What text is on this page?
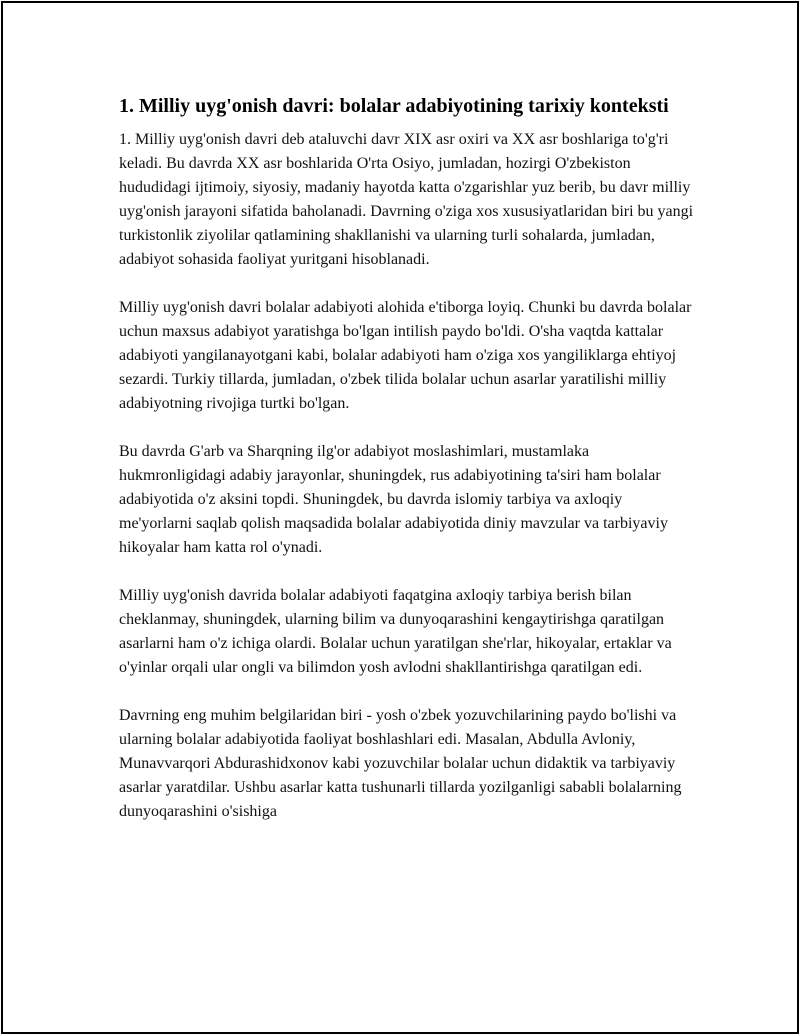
1. Milliy uyg'onish davri: bolalar adabiyotining tarixiy konteksti

1. Milliy uyg'onish davri deb ataluvchi davr XIX asr oxiri va XX asr boshlariga to'g'ri keladi. Bu davrda XX asr boshlarida O'rta Osiyo, jumladan, hozirgi O'zbekiston hududidagi ijtimoiy, siyosiy, madaniy hayotda katta o'zgarishlar yuz berib, bu davr milliy uyg'onish jarayoni sifatida baholanadi. Davrning o'ziga xos xususiyatlaridan biri bu yangi turkistonlik ziyolilar qatlamining shakllanishi va ularning turli sohalarda, jumladan, adabiyot sohasida faoliyat yuritgani hisoblanadi.

Milliy uyg'onish davri bolalar adabiyoti alohida e'tiborga loyiq. Chunki bu davrda bolalar uchun maxsus adabiyot yaratishga bo'lgan intilish paydo bo'ldi. O'sha vaqtda kattalar adabiyoti yangilanayotgani kabi, bolalar adabiyoti ham o'ziga xos yangiliklarga ehtiyoj sezardi. Turkiy tillarda, jumladan, o'zbek tilida bolalar uchun asarlar yaratilishi milliy adabiyotning rivojiga turtki bo'lgan.

Bu davrda G'arb va Sharqning ilg'or adabiyot moslashimlari, mustamlaka hukmronligidagi adabiy jarayonlar, shuningdek, rus adabiyotining ta'siri ham bolalar adabiyotida o'z aksini topdi. Shuningdek, bu davrda islomiy tarbiya va axloqiy me'yorlarni saqlab qolish maqsadida bolalar adabiyotida diniy mavzular va tarbiyaviy hikoyalar ham katta rol o'ynadi.

Milliy uyg'onish davrida bolalar adabiyoti faqatgina axloqiy tarbiya berish bilan cheklanmay, shuningdek, ularning bilim va dunyoqarashini kengaytirishga qaratilgan asarlarni ham o'z ichiga olardi. Bolalar uchun yaratilgan she'rlar, hikoyalar, ertaklar va o'yinlar orqali ular ongli va bilimdon yosh avlodni shakllantirishga qaratilgan edi.

Davrning eng muhim belgilaridan biri - yosh o'zbek yozuvchilarining paydo bo'lishi va ularning bolalar adabiyotida faoliyat boshlashlari edi. Masalan, Abdulla Avloniy, Munavvarqori Abdurashidxonov kabi yozuvchilar bolalar uchun didaktik va tarbiyaviy asarlar yaratdilar. Ushbu asarlar katta tushunarli tillarda yozilganligi sababli bolalarning dunyoqarashini o'sishiga
